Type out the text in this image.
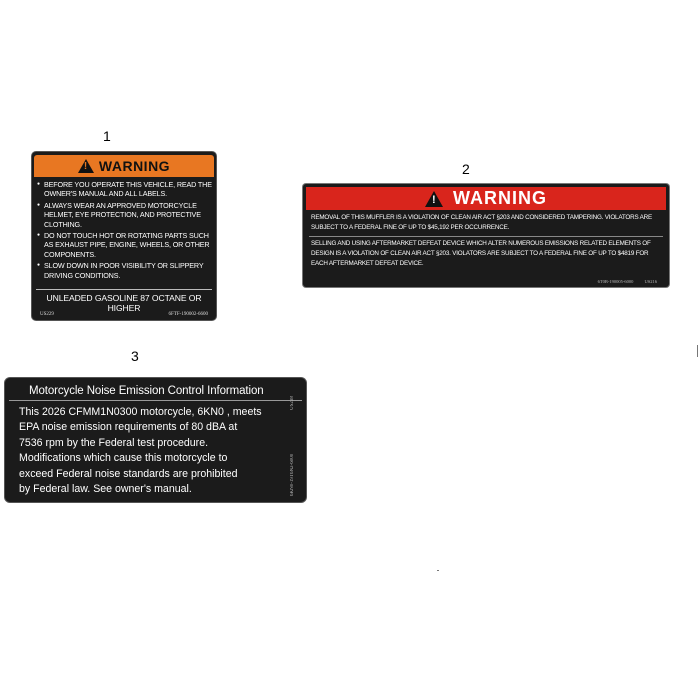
1
2
3
!
WARNING
● BEFORE YOU OPERATE THIS VEHICLE, READ THE OWNER'S MANUAL AND ALL LABELS.
● ALWAYS WEAR AN APPROVED MOTORCYCLE HELMET, EYE PROTECTION, AND PROTECTIVE CLOTHING.
● DO NOT TOUCH HOT OR ROTATING PARTS SUCH AS EXHAUST PIPE, ENGINE, WHEELS, OR OTHER COMPONENTS.
● SLOW DOWN IN POOR VISIBILITY OR SLIPPERY DRIVING CONDITIONS.
UNLEADED GASOLINE 87 OCTANE OR HIGHER
US229	6FTF-190002-6600
!
WARNING
REMOVAL OF THIS MUFFLER IS A VIOLATION OF CLEAN AIR ACT §203 AND CONSIDERED TAMPERING. VIOLATORS ARE SUBJECT TO A FEDERAL FINE OF UP TO $45,192 PER OCCURRENCE.
SELLING AND USING AFTERMARKET DEFEAT DEVICE WHICH ALTER NUMEROUS EMISSIONS RELATED ELEMENTS OF DESIGN IS A VIOLATION OF CLEAN AIR ACT §203. VIOLATORS ARE SUBJECT TO A FEDERAL FINE OF UP TO $4819 FOR EACH AFTERMARKET DEFEAT DEVICE.
6T0B-190005-6000 US216
Motorcycle Noise Emission Control Information
This 2026 CFMM1N0300 motorcycle, 6KN0 , meets
EPA noise emission requirements of 80 dBA at
7536 rpm by the Federal test procedure.
Modifications which cause this motorcycle to
exceed Federal noise standards are prohibited
by Federal law. See owner's manual.	6KN0-19T6N2-6000
US238
